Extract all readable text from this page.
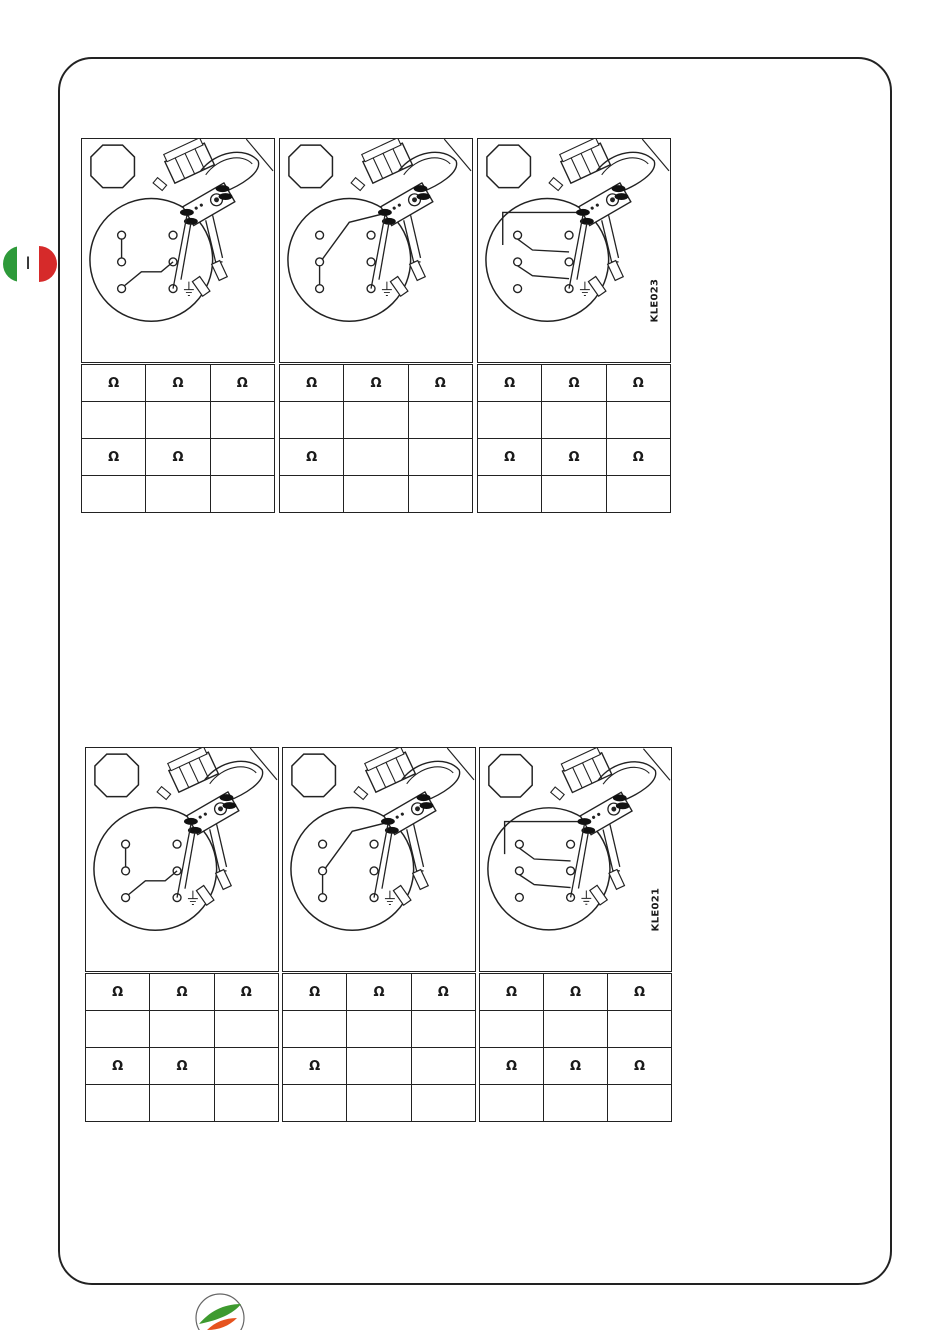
I
Ω	Ω	Ω

Ω	Ω	

Ω	Ω	Ω

Ω		

KLE023
Ω	Ω	Ω

Ω	Ω	Ω

Ω	Ω	Ω

Ω	Ω	

Ω	Ω	Ω

Ω		

KLE021
Ω	Ω	Ω

Ω	Ω	Ω
